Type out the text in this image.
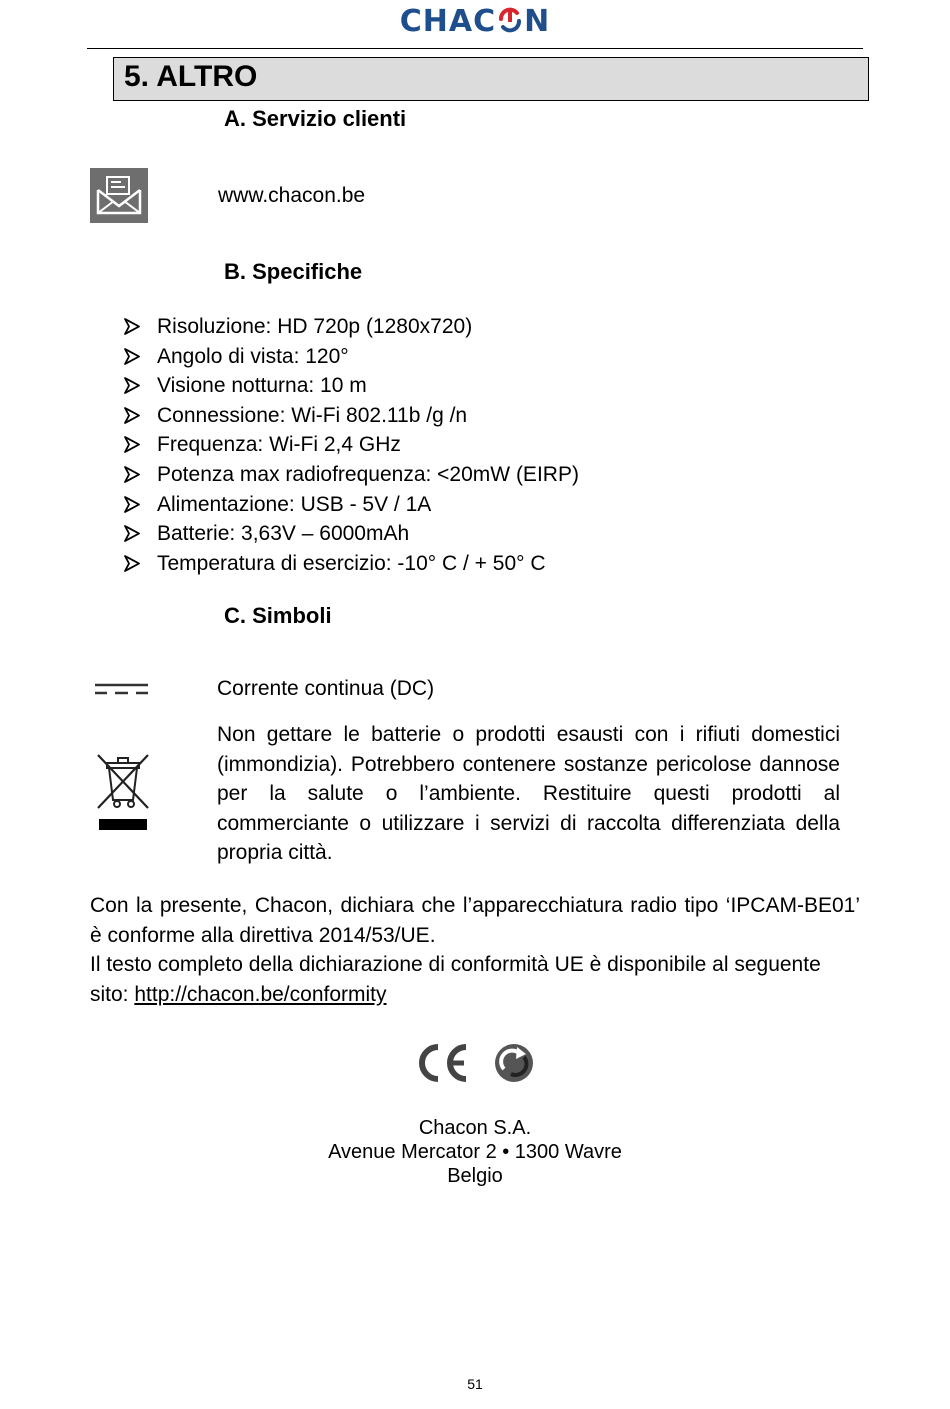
CHAC N
5. ALTRO
A. Servizio clienti
www.chacon.be
B. Specifiche
Risoluzione: HD 720p (1280x720)
Angolo di vista: 120°
Visione notturna: 10 m
Connessione: Wi-Fi 802.11b /g /n
Frequenza: Wi-Fi 2,4 GHz
Potenza max radiofrequenza: <20mW (EIRP)
Alimentazione: USB - 5V / 1A
Batterie: 3,63V – 6000mAh
Temperatura di esercizio: -10° C / + 50° C
C. Simboli
Corrente continua (DC)
Non gettare le batterie o prodotti esausti con i rifiuti domestici (immondizia). Potrebbero contenere sostanze pericolose dannose per la salute o l’ambiente. Restituire questi prodotti al commerciante o utilizzare i servizi di raccolta differenziata della propria città.
Con la presente, Chacon, dichiara che l’apparecchiatura radio tipo ‘IPCAM-BE01’ è conforme alla direttiva 2014/53/UE.
Il testo completo della dichiarazione di conformità UE è disponibile al seguente sito: http://chacon.be/conformity
Chacon S.A.
Avenue Mercator 2 • 1300 Wavre
Belgio
51
